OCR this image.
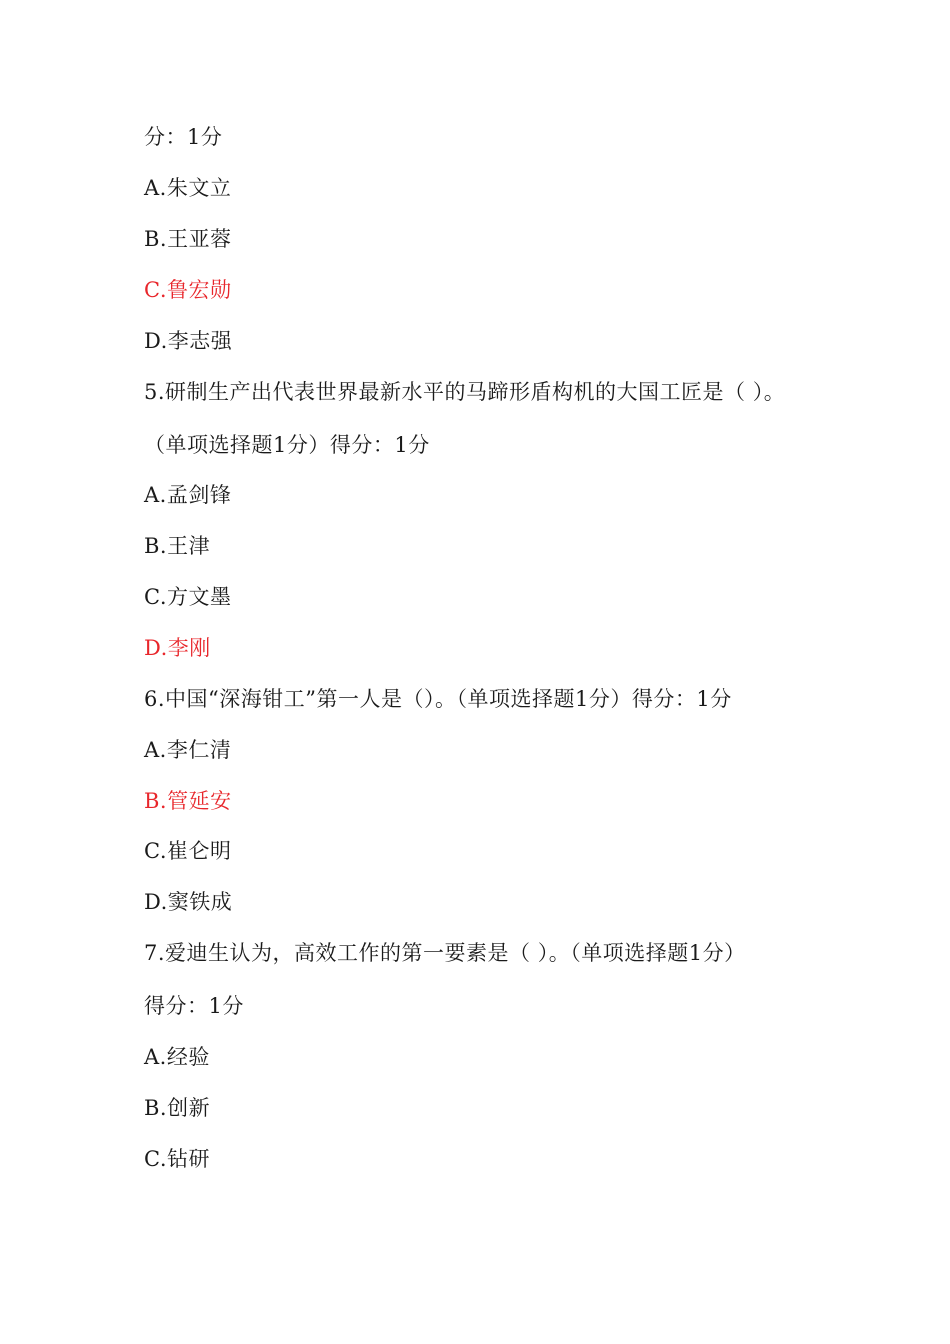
分：1分

A.朱文立

B.王亚蓉

C.鲁宏勋

D.李志强

5.研制生产出代表世界最新水平的马蹄形盾构机的大国工匠是（ ）。

（单项选择题1分）得分：1分

A.孟剑锋

B.王津

C.方文墨

D.李刚

6.中国“深海钳工”第一人是（）。（单项选择题1分）得分：1分

A.李仁清

B.管延安

C.崔仑明

D.窦铁成

7.爱迪生认为，高效工作的第一要素是（ ）。（单项选择题1分）

得分：1分

A.经验

B.创新

C.钻研
